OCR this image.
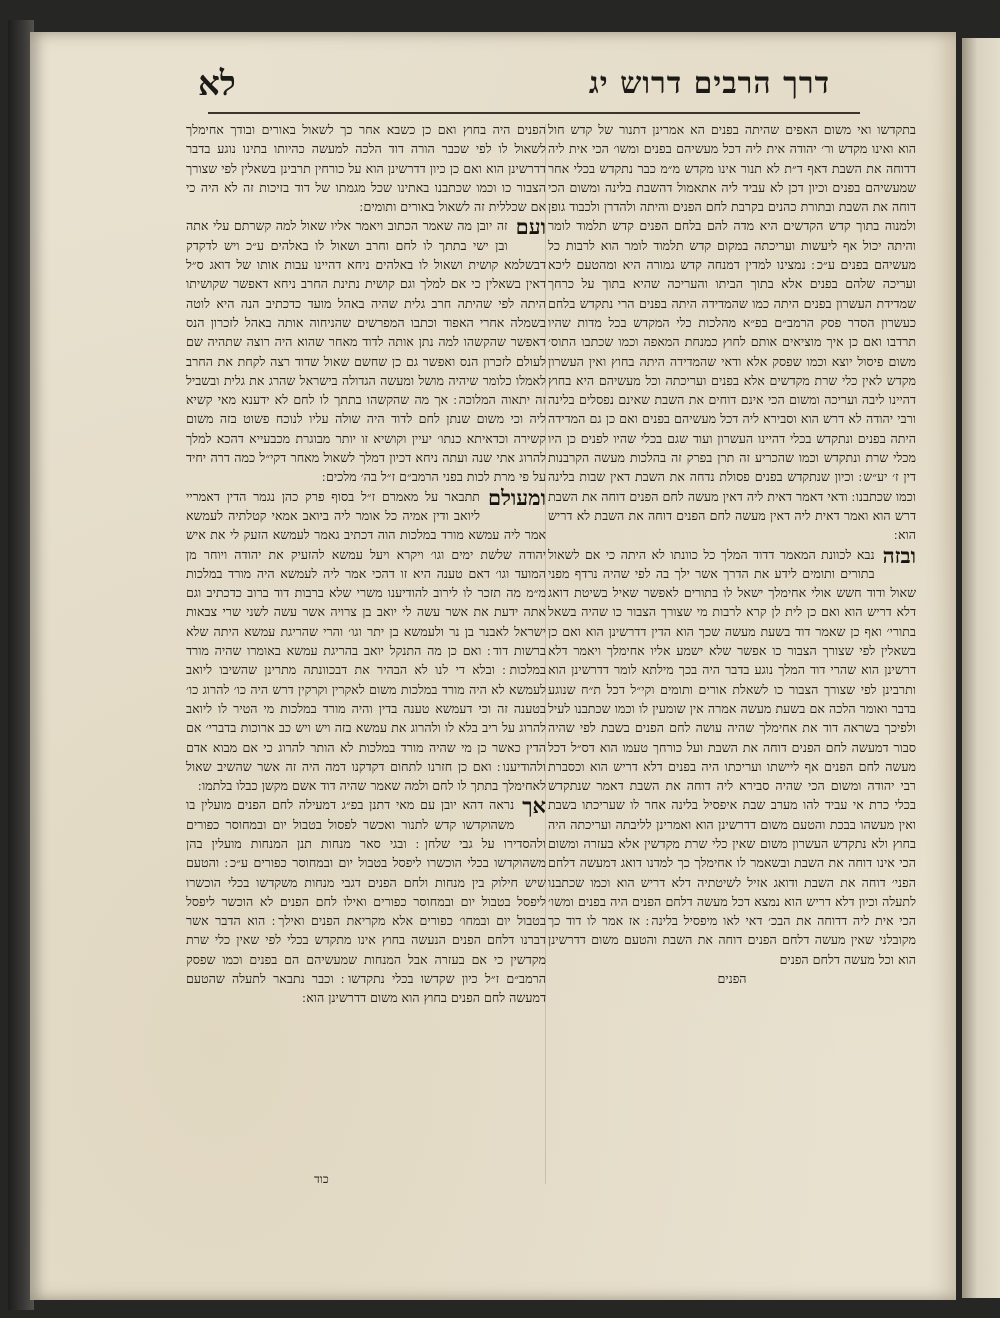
דרך הרבים דרוש יג
לא

בתקדשו ואי משום האפים שהיתה בפנים הא אמרינן דתנור של קדש חול הוא ואינו מקדש ור׳ יהודה אית ליה דכל מעשיהם בפנים ומשו׳ הכי אית ליה דדוחה את השבת דאף ד״ת לא תנור אינו מקדש מ״מ כבר נתקדש בכלי אחר שמעשיהם בפנים וכיון דכן לא עביד ליה אתאמול דהשבת בלינה ומשום הכי דוחה את השבת ובתורת כהנים בקרבת לחם הפנים והיתה ולהדרן ולכבוד גופן ולמנוה בתוך קדש הקדשים היא מדה להם בלחם הפנים קדש תלמוד לומר והיתה יכול אף ליעשות ועריכתה במקום קדש תלמוד לומר הוא לרבות כל מעשיהם בפנים ע״כ ׃ נמצינו למדין דמנחה קדש גמורה היא ומהטעם ליכא ועריכה שלהם בפנים אלא בתוך הביתו והעריכה שהיא בתוך על כרחך שמדידת העשרון בפנים היתה כמו שהמדידה היתה בפנים הרי נתקדש בלחם כעשרון הסדר פסק הרמב״ם בפ״א מהלכות כלי המקדש בכל מדות שהיו תרדבו ואם כן איך מוציאים אותם לחוץ כמנחת המאפה וכמו שכתבו התוס׳ משום פיסול יוצא וכמו שפסק אלא ודאי שהמדידה היתה בחוץ ואין העשרון מקדש לאין כלי שרת מקדשים אלא בפנים ועריכתה וכל מעשיהם היא בחוץ דהיינו ליבה ועריכה ומשום הכי אינם דוחים את השבת שאינם נפסלים בלינה ורבי יהודה לא דרש הוא וסבירא ליה דכל מעשיהם בפנים ואם כן גם המדידה היתה בפנים ונתקדש בכלי דהיינו העשרון ועוד שגם בכלי שהיו לפנים כן היו מכלי שרת ונתקדש וכמו שהכריע זה תרן בפרק זה בהלכות מעשה הקרבנות דין ז׳ יע״ש ׃ וכיון שנתקדש בפנים פסולת נדחה את השבת דאין שבות בלינה וכמו שכתבנו ׃ ודאי דאמר דאית ליה דאין מעשה לחם הפנים דוחה את השבת דרש הוא ואמר דאית ליה דאין מעשה לחם הפנים דוחה את השבת לא דריש הוא ׃

ובזה
נבא לכוונת המאמר דדוד המלך כל כוונתו לא היתה כי אם לשאול בתורים ותומים לידע את הדרך אשר ילך בה לפי שהיה נרדף מפני שאול ודוד חשש אולי אחימלך ישאל לו בתורים לאפשר שאיל בשיטת דואג דלא דריש הוא ואם כן לית לן קרא לרבות מי שצורך הצבור כו שהיה בשאל בתורי׳ ואף כן שאמר דוד בשעת מעשה שכך הוא הדין דדרשינן הוא ואם כן בשאלין לפי שצורך הצבור כו אפשר שלא ישמע אליו אחימלך ויאמר דלא דרשינן הוא שהרי דוד המלך נוגע בדבר היה בכך מילתא לומר דדרשינן הוא ותרבינן לפי שצורך הצבור כו לשאלת אורים ותומים וקי״ל דכל ת״ח שנוגע בדבר ואומר הלכה אם בשעת מעשה אמרה אין שומעין לו וכמו שכתבנו לעיל ולפיכך בשראה דוד את אחימלך שהיה עושה לחם הפנים בשבת לפי שהיה סבור דמעשה לחם הפנים דוחה את השבת ועל כורחך טעמו הוא דס״ל דכל מעשה לחם הפנים אף ליישתו ועריכתו היה בפנים דלא דריש הוא וכסברת רבי יהודה ומשום הכי שהיה סבירא ליה דוחה את השבת דאמר שנתקדש בכלי כרת אי עביד להו מערב שבת איפסיל בלינה אחר לו שעריכתו בשבת ואין מעשהו בבכת והטעם משום דדרשינן הוא ואמרינן לליבתה ועריכתה היה בחוץ ולא נתקדש העשרון משום שאין כלי שרת מקדשין אלא בעזרה ומשום הכי אינו דוחה את השבת ובשאמר לו אחימלך כך למדנו דואג דמעשה דלחם הפני׳ דוחה את השבת ודואג אזיל לשיטתיה דלא דריש הוא וכמו שכתבנו לתעלה וכיון דלא דריש הוא נמצא דכל מעשה דלחם הפנים היה בפנים ומשו׳ הכי אית ליה דדוחה את הבכ׳ דאי לאו מיפסיל בלינה ׃ אז אמר לו דוד כך מקובלני שאין מעשה דלחם הפנים דוחה את השבת והטעם משום דדרשינן הוא וכל מעשה דלחם הפנים

הפנים

הפנים היה בחוץ ואם כן כשבא אחר כך לשאול באורים ובודך אחימלך לשאול לו לפי שכבר הורה דוד הלכה למעשה כהיותו בתינו נוגע בדבר דדרשינן הוא ואם כן כיון דדרשינן הוא על כורחין תרבינן בשאלין לפי שצורך הצבור כו וכמו שכתבנו באתינו שכל מגמתו של דוד בזיכות זה לא היה כי אם שכללית זה לשאול באורים ותומים ׃

ועם
זה יובן מה שאמר הכתוב ויאמר אליו שאול למה קשרתם עלי אתה ובן ישי בתתך לו לחם וחרב ושאול לו באלהים ע״כ ויש לדקדק דבשלמא קושית ושאול לו באלהים ניחא דהיינו עבות אותו של דואג ס״ל דאין בשאלין כי אם למלך וגם קושית נתינת החרב ניחא דאפשר שקושיתו היתה לפי שהיתה חרב גלית שהיה באהל מועד כדכתיב הנה היא לוטה בשמלה אחרי האפוד וכתבו המפרשים שהניחוה אותה באהל לזכרון הנס דאפשר שהקשהו למה נתן אותה לדוד מאחר שהוא היה רוצה שתהיה שם לעולם לזכרון הנס ואפשר גם כן שחשם שאול שדוד רצה לקחת את החרב לאמלו כלומר שיהיה מושל ומעשה הגדולה בישראל שהרג את גלית ובשביל זה יתאוה המלוכה ׃ אך מה שהקשהו בתתך לו לחם לא ידענא מאי קשיא ליה וכי משום שנתן לחם לדוד היה שולה עליו לנוכח פשוט בזה משום קשירה וכדאיתא כנתו׳ יעיין וקושיא זו יותר מבוגרת מכבעייא דהכא למלך להרוג אתי שנה ועתה ניחא דכיון דמלך לשאול מאחר דקי״ל כמה דרה יחיד על פי מרת לכות בפני הרמב״ם ז״ל בה׳ מלכים ׃

ומעולם
תתבאר על מאמרם ז״ל בסוף פרק כהן נגמר הדין דאמריי ליואב ודין אמיה כל אומר ליה ביואב אמאי קטלתיה לעמשא אמר ליה עמשא מורד במלכות הוה דכתיב גאמר לעמשא הזעק לי את איש יהודה שלשת ימים וגו׳ ויקרא ויעל עמשא להזעיק את יהודה ויוחר מן המועד וגו׳ דאם טענה היא זו דהכי אמר ליה לעמשא היה מורד במלכות מ״מ מה תזכר לו לירוב להודיענו משרי שלא ברבות דוד ברוב כדכתיב וגם אתה ידעת את אשר עשה לי יואב בן צרויה אשר עשה לשני שרי צבאות ישראל לאבנר בן נר ולעמשא בן יתר וגו׳ והרי שהריגת עמשא היתה שלא ברשות דוד ׃ ואם כן מה התנקל יואב בהריגת עמשא באומרו שהיה מורד במלכות ׃ ובלא די לנו לא הבהיר את דבכוונתה מתרינן שהשיבו ליואב לעמשא לא היה מורד במלכות משום לאקרין וקרקין דרש היה כו׳ להרוג כו׳ בטענה זה וכי דעמשא טענה בדין והיה מורד במלכות מי הטיר לו ליואב להרוג על ריב בלא לו ולהרוג את עמשא בזה ויש ויש כב ארוכות בדברי׳ אם הדין כאשר כן מי שהיה מורד במלכות לא הותר להרוג כי אם מבוא אדם ולהודיענו ׃ ואם כן חזרנו לתחום דקדקנו דמה היה זה אשר שהשיב שאול לאחימלך בתתך לו לחם ולמה שאמר שהיה דוד אשם מקשן כבלו בלתמו ׃

אך
נראה דהא יובן עם מאי דתנן בפ״ג דמעילה לחם הפנים מועלין בו משהוקדשו קדש לתנור ואכשר לפסול בטבול יום ובמחוסר כפורים ולהסדירו על גבי שלחן ׃ ובגי סאר מנחות תנן המנחות מועלין בהן משהוקדשו בכלי הוכשרו ליפסל בטבול יום ובמחוסר כפורים ע״כ ׃ והטעם שיש חילוק בין מנחות ולחם הפנים דגבי מנחות משקדשו בכלי הוכשרו ליפסל בטבול יום ובמחוסר כפורים ואילו לחם הפנים לא הוכשר ליפסל בטבול יום ובמחו׳ כפורים אלא מקריאת הפנים ואילך ׃ הוא הדבר אשר דברנו דלחם הפנים הנעשה בחוץ אינו מתקדש בכלי לפי שאין כלי שרת מקדשין כי אם בעזרה אבל המנחות שמעשיהם הם בפנים וכמו שפסק הרמב״ם ז״ל כיון שקדשו בכלי נתקדשו ׃ וכבר נתבאר לתעלה שהטעם דמעשה לחם הפנים בחוץ הוא משום דדרשינן הוא ׃

כוד
